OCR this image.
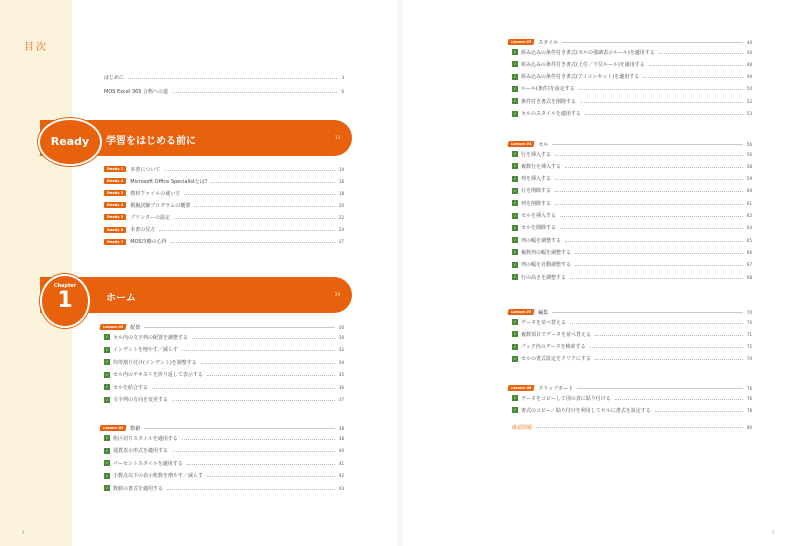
目次
はじめに	3
MOS Excel 365 合格への道	6
学習をはじめる前に	13
Ready
Ready 1	本書について	14
Ready 2	Microsoft Office Specialistとは?	16
Ready 3	教材ファイルの使い方	18
Ready 4	模擬試験プログラムの概要	20
Ready 5	プリンターの設定	22
Ready 6	本書の見方	24
Ready 7	MOS攻略の心得	27
ホーム	29
Chapter
1
Lesson 01	配置	30
✓ セル内の文字列の配置を調整する	30
✓ インデントを増やす／減らす	32
✓ 均等割り付け(インデント)を調整する	34
✓ セル内のテキストを折り返して表示する	35
✓ セルを結合する	36
✓ 文字列の方向を変更する	37
Lesson 02	数値	38
✓ 桁区切りスタイルを適用する	38
✓ 通貨表示形式を適用する	40
✓ パーセントスタイルを適用する	41
✓ 小数点以下の表示桁数を増やす／減らす	42
✓ 数値の書式を適用する	43
Lesson 03	スタイル	44
✓ 組み込みの条件付き書式(セルの強調表示ルール)を適用する	44
✓ 組み込みの条件付き書式(上位／下位ルール)を適用する	48
✓ 組み込みの条件付き書式(アイコンセット)を適用する	49
✓ ルール(条件)を設定する	50
✓ 条件付き書式を削除する	52
✓ セルのスタイルを適用する	53
Lesson 04	セル	56
✓ 行を挿入する	56
✓ 複数行を挿入する	58
✓ 列を挿入する	59
✓ 行を削除する	60
✓ 列を削除する	61
✓ セルを挿入する	62
✓ セルを削除する	64
✓ 列の幅を調整する	65
✓ 複数列の幅を調整する	66
✓ 列の幅を自動調整する	67
✓ 行の高さを調整する	68
Lesson 05	編集	70
✓ データを並べ替える	70
✓ 複数項目でデータを並べ替える	71
✓ ブック内のデータを検索する	72
✓ セルの書式設定をクリアにする	74
Lesson 06	クリップボード	76
✓ データをコピーして別の表に貼り付ける	76
✓ 書式のコピー／貼り付けを利用してセルに書式を設定する	78
確認問題	80
4	5
